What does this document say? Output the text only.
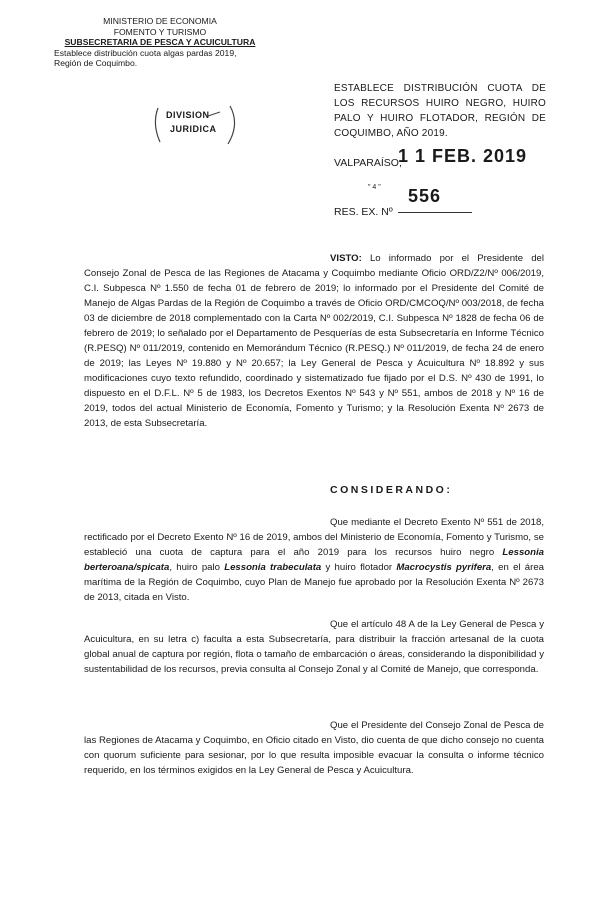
MINISTERIO DE ECONOMIA
FOMENTO Y TURISMO
SUBSECRETARIA DE PESCA Y ACUICULTURA
Establece distribución cuota algas pardas 2019,
Región de Coquimbo.
DIVISION
JURIDICA
ESTABLECE DISTRIBUCIÓN CUOTA DE LOS RECURSOS HUIRO NEGRO, HUIRO PALO Y HUIRO FLOTADOR, REGIÓN DE COQUIMBO, AÑO 2019.
VALPARAÍSO,
1 1 FEB. 2019
" 4 "
RES. EX. Nº
556
VISTO: Lo informado por el Presidente del Consejo Zonal de Pesca de las Regiones de Atacama y Coquimbo mediante Oficio ORD/Z2/Nº 006/2019, C.I. Subpesca Nº 1.550 de fecha 01 de febrero de 2019; lo informado por el Presidente del Comité de Manejo de Algas Pardas de la Región de Coquimbo a través de Oficio ORD/CMCOQ/Nº 003/2018, de fecha 03 de diciembre de 2018 complementado con la Carta Nº 002/2019, C.I. Subpesca Nº 1828 de fecha 06 de febrero de 2019; lo señalado por el Departamento de Pesquerías de esta Subsecretaría en Informe Técnico (R.PESQ) Nº 011/2019, contenido en Memorándum Técnico (R.PESQ.) Nº 011/2019, de fecha 24 de enero de 2019; las Leyes Nº 19.880 y Nº 20.657; la Ley General de Pesca y Acuicultura Nº 18.892 y sus modificaciones cuyo texto refundido, coordinado y sistematizado fue fijado por el D.S. Nº 430 de 1991, lo dispuesto en el D.F.L. Nº 5 de 1983, los Decretos Exentos Nº 543 y Nº 551, ambos de 2018 y Nº 16 de 2019, todos del actual Ministerio de Economía, Fomento y Turismo; y la Resolución Exenta Nº 2673 de 2013, de esta Subsecretaría.
CONSIDERANDO:
Que mediante el Decreto Exento Nº 551 de 2018, rectificado por el Decreto Exento Nº 16 de 2019, ambos del Ministerio de Economía, Fomento y Turismo, se estableció una cuota de captura para el año 2019 para los recursos huiro negro Lessonia berteroana/spicata, huiro palo Lessonia trabeculata y huiro flotador Macrocystis pyrifera, en el área marítima de la Región de Coquimbo, cuyo Plan de Manejo fue aprobado por la Resolución Exenta Nº 2673 de 2013, citada en Visto.
Que el artículo 48 A de la Ley General de Pesca y Acuicultura, en su letra c) faculta a esta Subsecretaría, para distribuir la fracción artesanal de la cuota global anual de captura por región, flota o tamaño de embarcación o áreas, considerando la disponibilidad y sustentabilidad de los recursos, previa consulta al Consejo Zonal y al Comité de Manejo, que corresponda.
Que el Presidente del Consejo Zonal de Pesca de las Regiones de Atacama y Coquimbo, en Oficio citado en Visto, dio cuenta de que dicho consejo no cuenta con quorum suficiente para sesionar, por lo que resulta imposible evacuar la consulta o informe técnico requerido, en los términos exigidos en la Ley General de Pesca y Acuicultura.
